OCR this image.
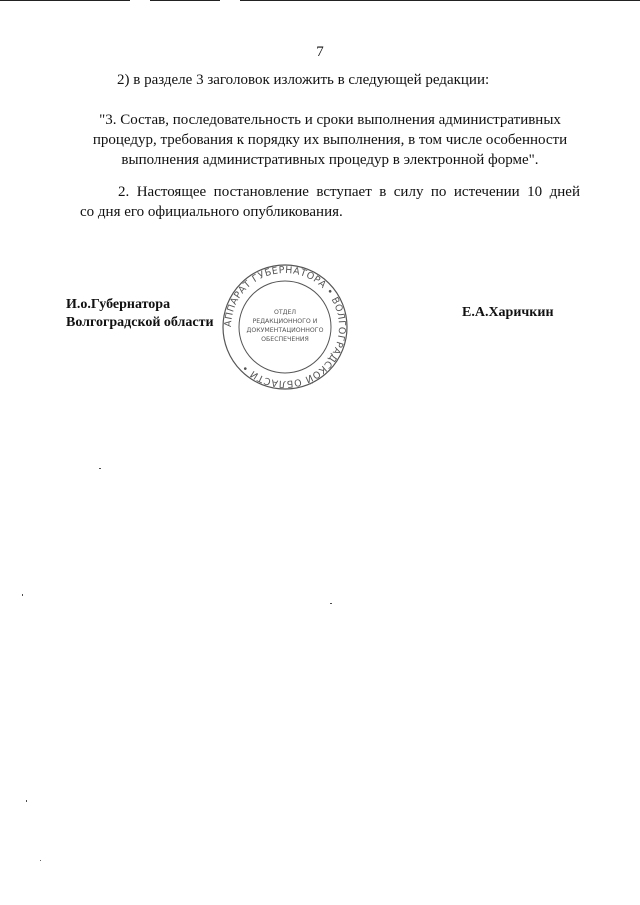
7
2) в разделе 3 заголовок изложить в следующей редакции:
"3. Состав, последовательность и сроки выполнения административных
процедур, требования к порядку их выполнения, в том числе особенности
выполнения административных процедур в электронной форме".
2. Настоящее постановление вступает в силу по истечении 10 дней
со дня его официального опубликования.
И.о.Губернатора
Волгоградской области АППАРАТ ГУБЕРНАТОРА • ВОЛГОГРАДСКОЙ ОБЛАСТИ •
ОТДЕЛ
РЕДАКЦИОННОГО И
ДОКУМЕНТАЦИОННОГО
ОБЕСПЕЧЕНИЯ
Е.А.Харичкин
